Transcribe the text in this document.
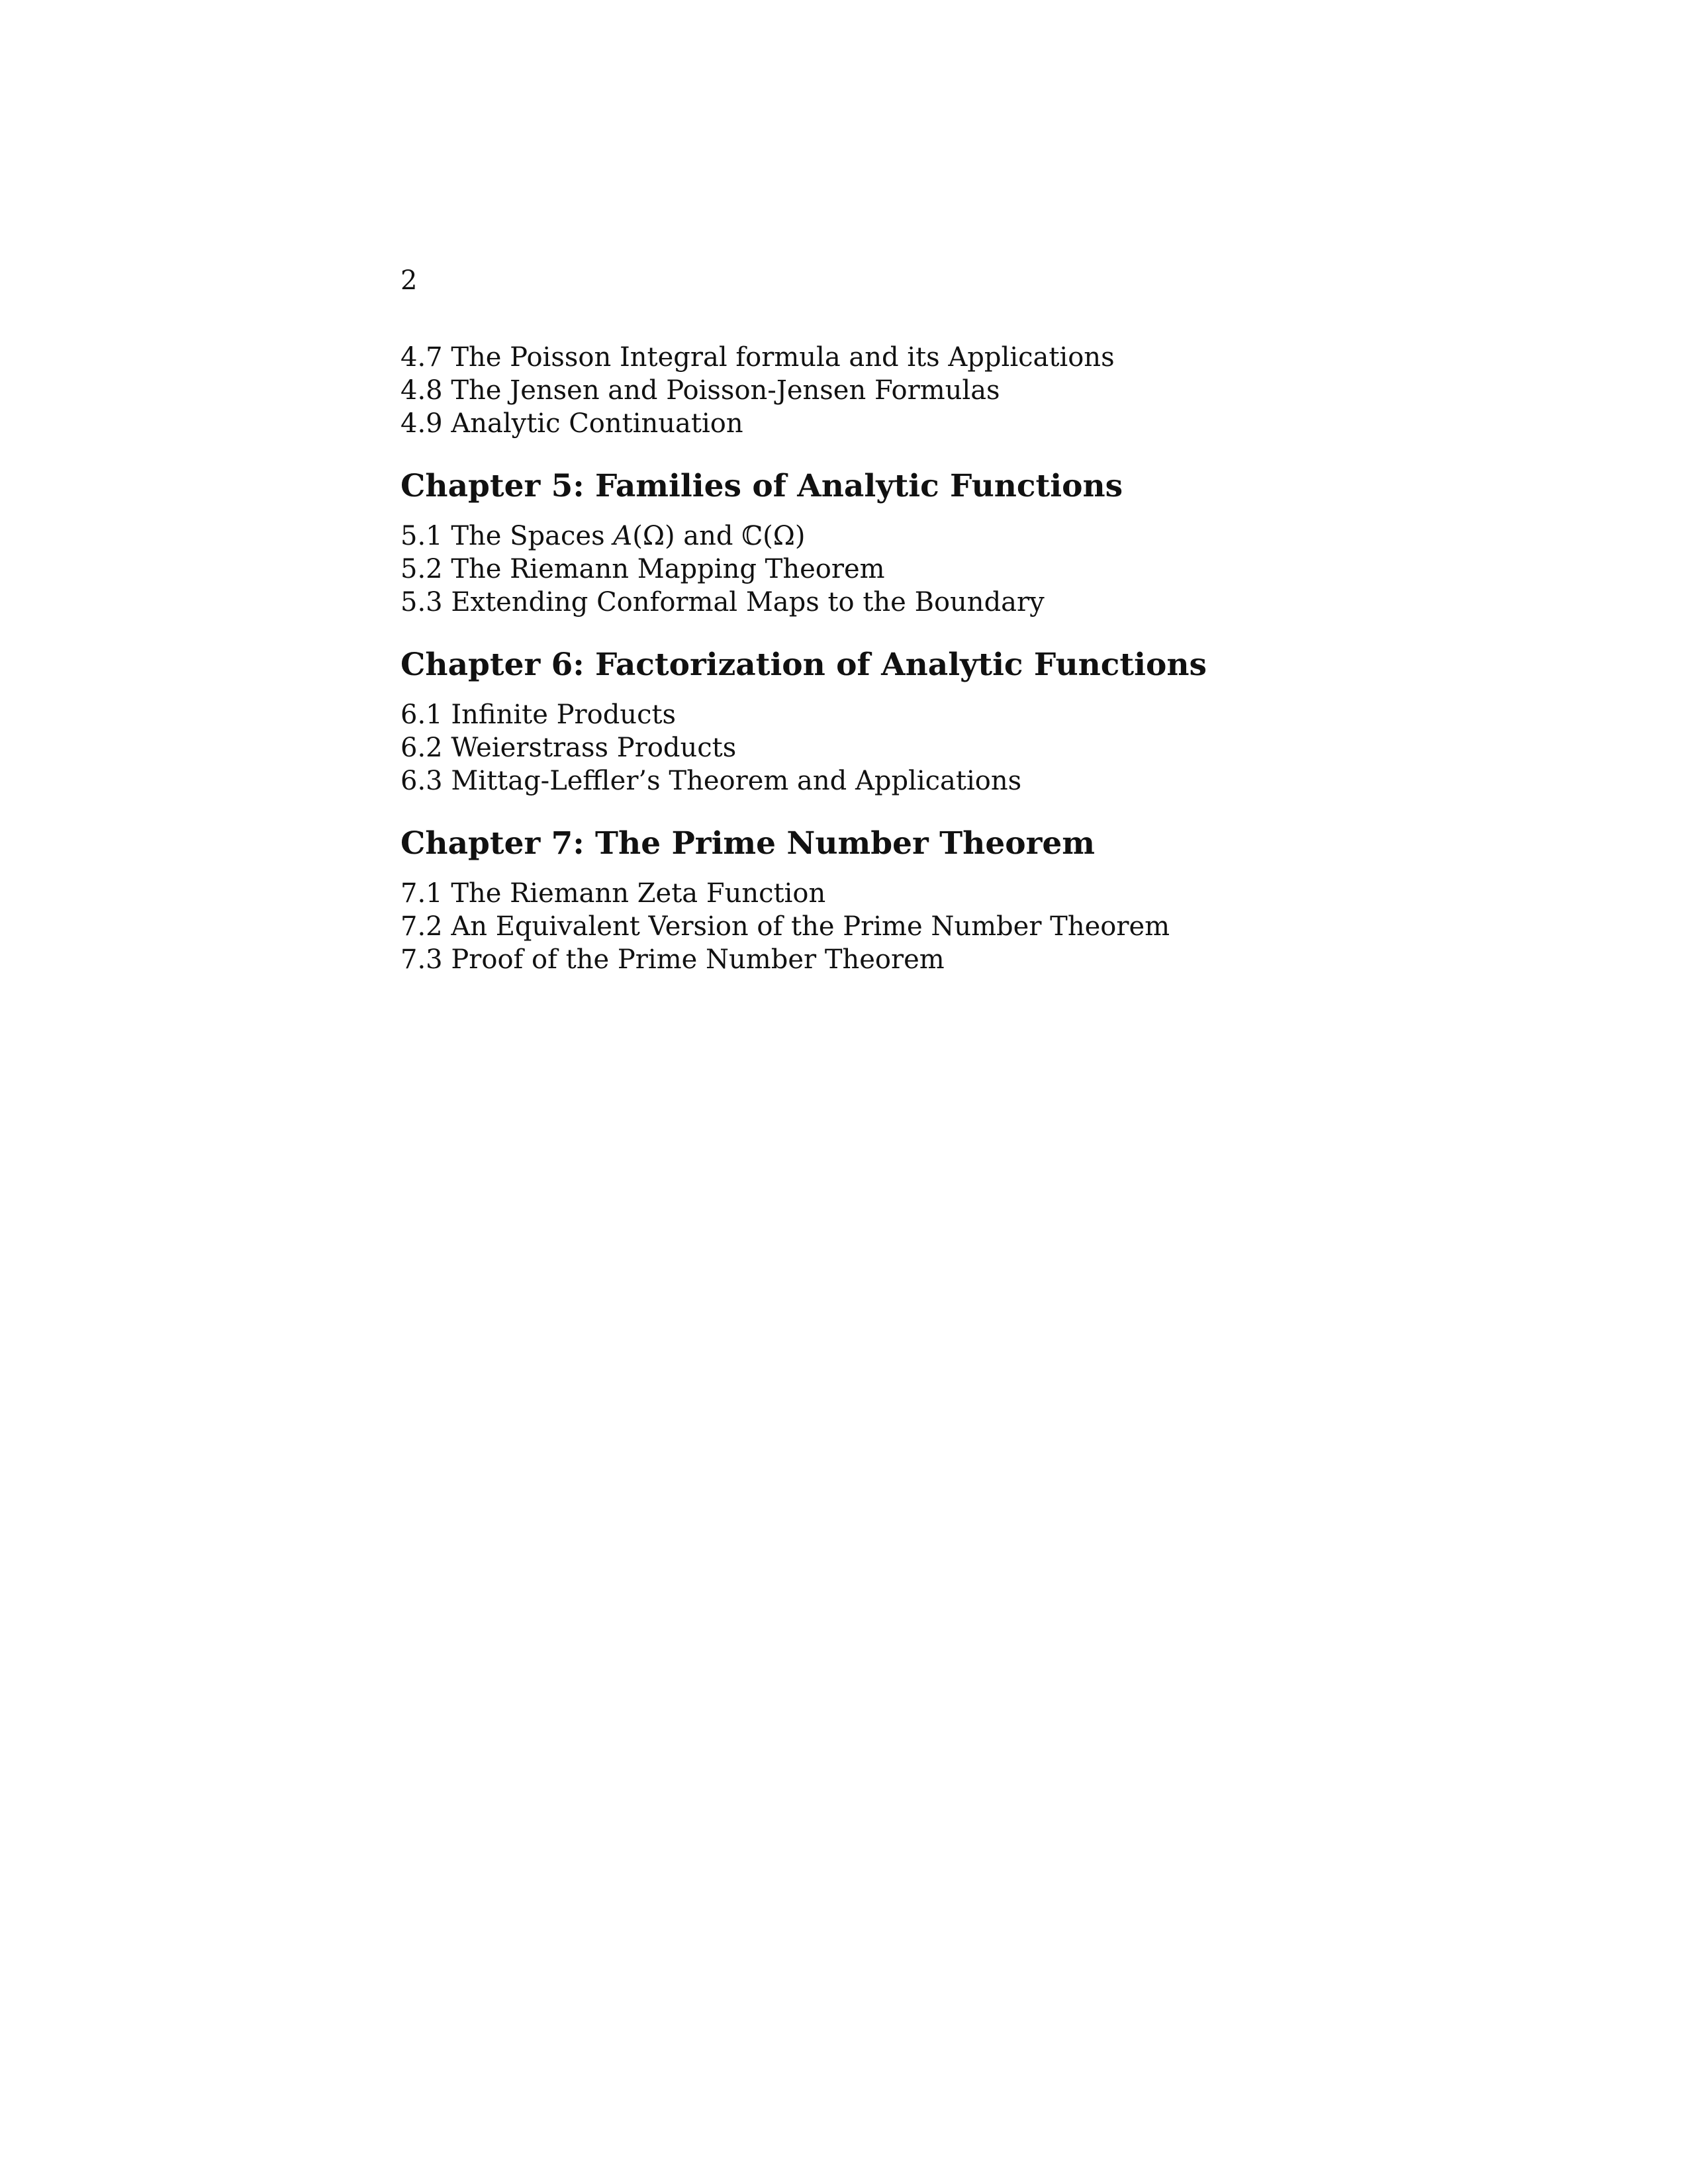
2

4.7 The Poisson Integral formula and its Applications
4.8 The Jensen and Poisson-Jensen Formulas
4.9 Analytic Continuation
Chapter 5: Families of Analytic Functions
5.1 The Spaces A(Ω) and ℂ(Ω)
5.2 The Riemann Mapping Theorem
5.3 Extending Conformal Maps to the Boundary
Chapter 6: Factorization of Analytic Functions
6.1 Infinite Products
6.2 Weierstrass Products
6.3 Mittag-Leffler’s Theorem and Applications
Chapter 7: The Prime Number Theorem
7.1 The Riemann Zeta Function
7.2 An Equivalent Version of the Prime Number Theorem
7.3 Proof of the Prime Number Theorem
